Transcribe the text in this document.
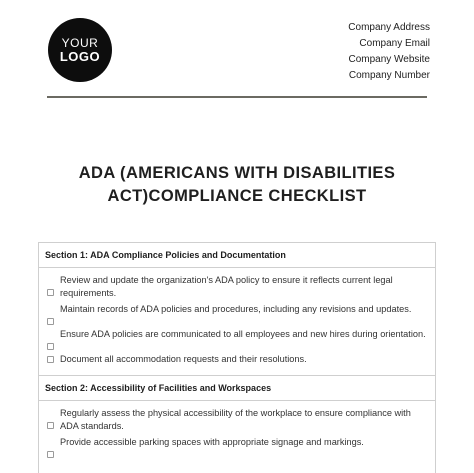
YOUR
LOGO
Company Address
Company Email
Company Website
Company Number
ADA (AMERICANS WITH DISABILITIES
ACT)COMPLIANCE CHECKLIST
Section 1: ADA Compliance Policies and Documentation
Review and update the organization's ADA policy to ensure it reflects current legal requirements.
Maintain records of ADA policies and procedures, including any revisions and updates.
Ensure ADA policies are communicated to all employees and new hires during orientation.
Document all accommodation requests and their resolutions.
Section 2: Accessibility of Facilities and Workspaces
Regularly assess the physical accessibility of the workplace to ensure compliance with ADA standards.
Provide accessible parking spaces with appropriate signage and markings.
